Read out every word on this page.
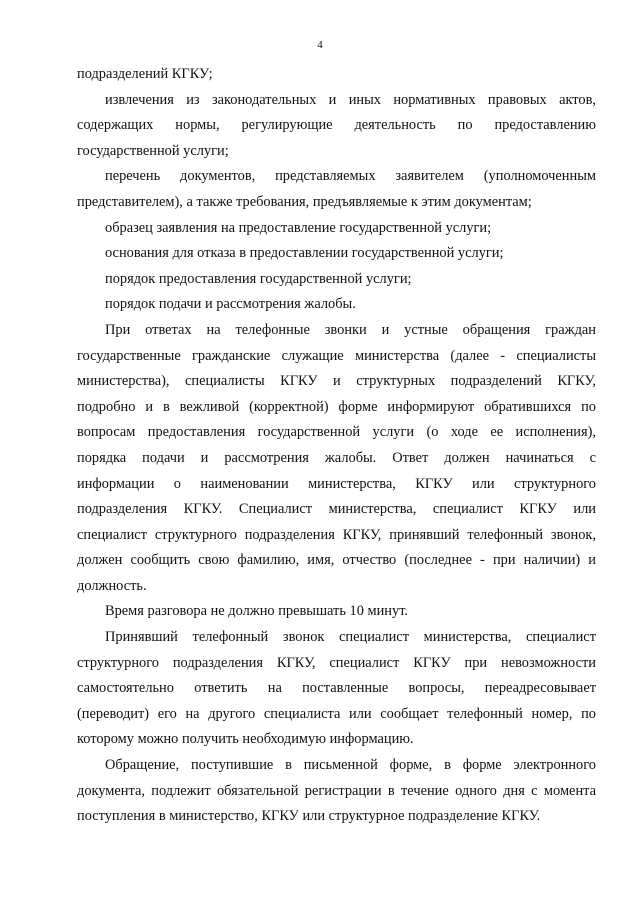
4
подразделений КГКУ;
извлечения из законодательных и иных нормативных правовых актов,
содержащих нормы, регулирующие деятельность по предоставлению
государственной услуги;
перечень документов, представляемых заявителем (уполномоченным
представителем), а также требования, предъявляемые к этим документам;
образец заявления на предоставление государственной услуги;
основания для отказа в предоставлении государственной услуги;
порядок предоставления государственной услуги;
порядок подачи и рассмотрения жалобы.
При ответах на телефонные звонки и устные обращения граждан
государственные гражданские служащие министерства (далее - специалисты
министерства), специалисты КГКУ и структурных подразделений КГКУ,
подробно и в вежливой (корректной) форме информируют обратившихся по
вопросам предоставления государственной услуги (о ходе ее исполнения),
порядка подачи и рассмотрения жалобы. Ответ должен начинаться с
информации о наименовании министерства, КГКУ или структурного
подразделения КГКУ. Специалист министерства, специалист КГКУ или
специалист структурного подразделения КГКУ, принявший телефонный звонок,
должен сообщить свою фамилию, имя, отчество (последнее - при наличии) и
должность.
Время разговора не должно превышать 10 минут.
Принявший телефонный звонок специалист министерства, специалист
структурного подразделения КГКУ, специалист КГКУ при невозможности
самостоятельно ответить на поставленные вопросы, переадресовывает
(переводит) его на другого специалиста или сообщает телефонный номер, по
которому можно получить необходимую информацию.
Обращение, поступившие в письменной форме, в форме электронного
документа, подлежит обязательной регистрации в течение одного дня с момента
поступления в министерство, КГКУ или структурное подразделение КГКУ.
